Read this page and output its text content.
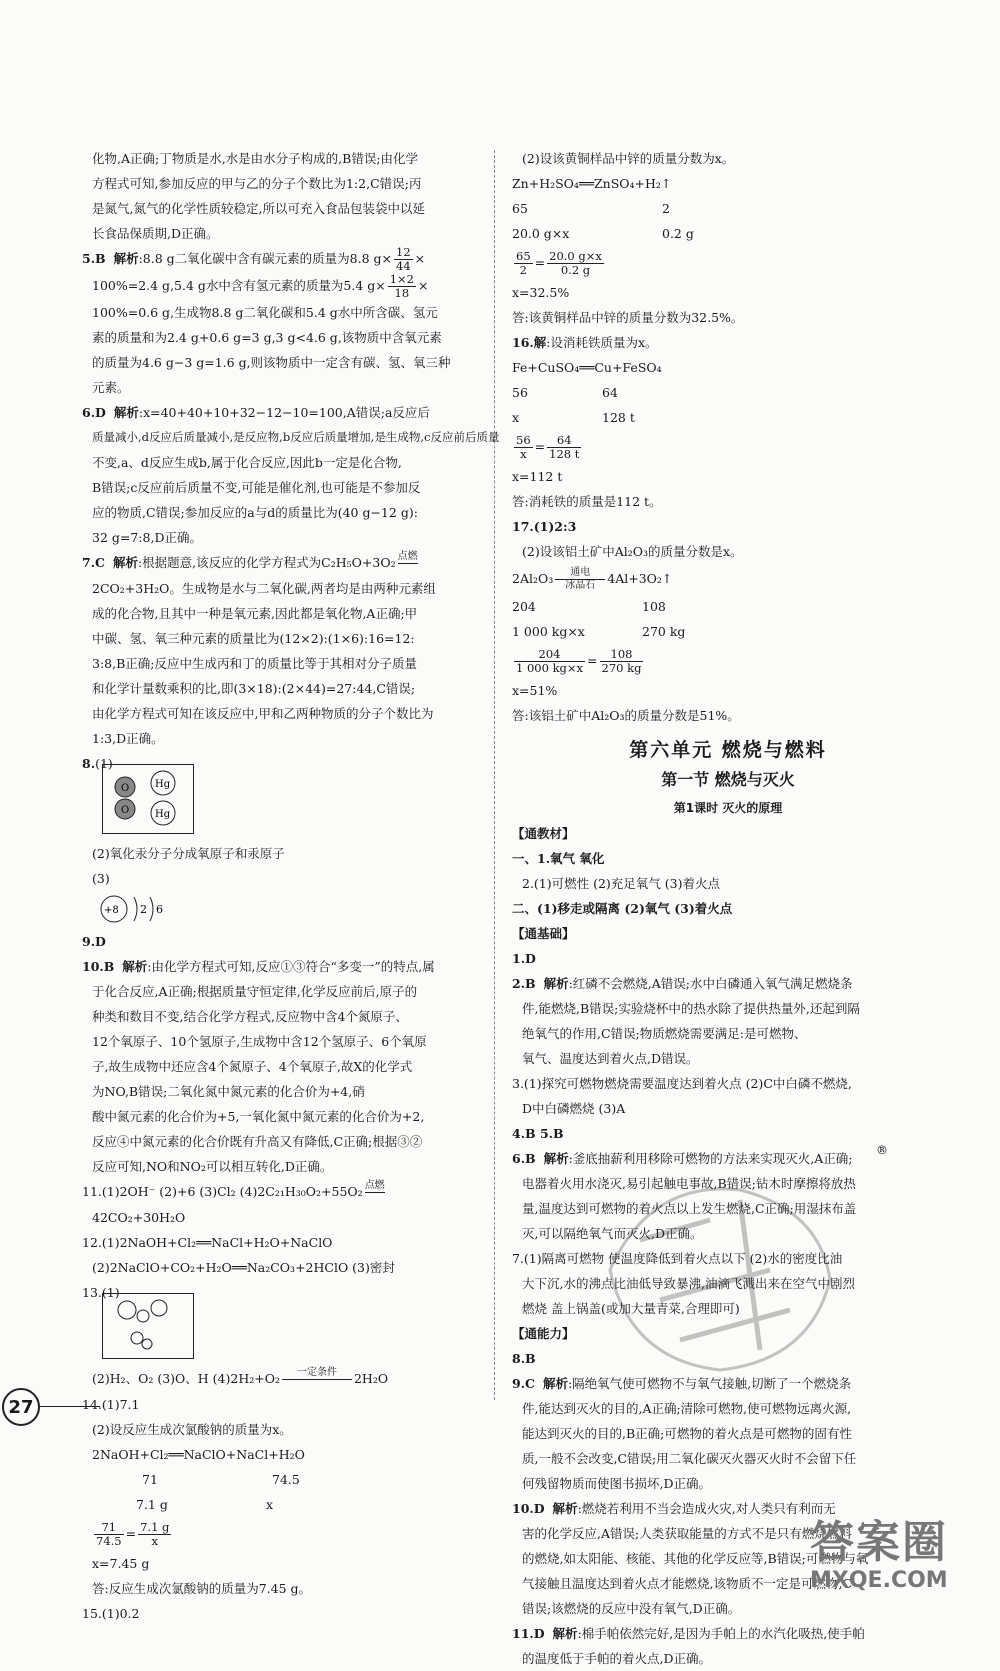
化物,A正确;丁物质是水,水是由水分子构成的,B错误;由化学

方程式可知,参加反应的甲与乙的分子个数比为1:2,C错误;丙

是氮气,氮气的化学性质较稳定,所以可充入食品包装袋中以延

长食品保质期,D正确。

5.B 解析:8.8 g二氧化碳中含有碳元素的质量为8.8 $g\times \frac{12}{44}$ ×

100%=2.4 g,5.4 g水中含有氢元素的质量为5.4 $g\times \frac{1\times 2}{18}$ ×

100%=0.6 g,生成物8.8 g二氧化碳和5.4 g水中所含碳、氢元

素的质量和为2.4 g+0.6 g=3 g,3 g<4.6 g,该物质中含氧元素

的质量为4.6 g−3 g=1.6 g,则该物质中一定含有碳、氢、氧三种

元素。

6.D 解析:x=40+40+10+32−12−10=100,A错误;a反应后

质量减小,d反应后质量减小,是反应物,b反应后质量增加,是生成物,c反应前后质量

不变,a、d反应生成b,属于化合反应,因此b一定是化合物,

B错误;c反应前后质量不变,可能是催化剂,也可能是不参加反

应的物质,C错误;参加反应的a与d的质量比为(40 g−12 g):

32 g=7:8,D正确。

7.C 解析:根据题意,该反应的化学方程式为C₂H₅O+3O₂ 点燃

2CO₂+3H₂O。生成物是水与二氧化碳,两者均是由两种元素组

成的化合物,且其中一种是氧元素,因此都是氧化物,A正确;甲

中碳、氢、氧三种元素的质量比为(12×2):(1×6):16=12:

3:8,B正确;反应中生成丙和丁的质量比等于其相对分子质量

和化学计量数乘积的比,即(3×18):(2×44)=27:44,C错误;

由化学方程式可知在该反应中,甲和乙两种物质的分子个数比为

1:3,D正确。

8.(1)

O
O
Hg
Hg

(2)氧化汞分子分成氧原子和汞原子

(3)

+8 2 6

9.D

10.B 解析:由化学方程式可知,反应①③符合“多变一”的特点,属

于化合反应,A正确;根据质量守恒定律,化学反应前后,原子的

种类和数目不变,结合化学方程式,反应物中含4个氮原子、

12个氧原子、10个氢原子,生成物中含12个氢原子、6个氧原

子,故生成物中还应含4个氮原子、4个氧原子,故X的化学式

为NO,B错误;二氧化氮中氮元素的化合价为+4,硝

酸中氮元素的化合价为+5,一氧化氮中氮元素的化合价为+2,

反应④中氮元素的化合价既有升高又有降低,C正确;根据③②

反应可知,NO和NO₂可以相互转化,D正确。

11.(1)2OH⁻ (2)+6 (3)Cl₂ (4)2C₂₁H₃₀O₂+55O₂ 点燃

42CO₂+30H₂O

12.(1)2NaOH+Cl₂══NaCl+H₂O+NaClO

(2)2NaClO+CO₂+H₂O══Na₂CO₃+2HClO (3)密封

13.(1)

(2)H₂、O₂ (3)O、H (4)2H₂+O₂	一定条件
	2H₂O

14.(1)7.1

(2)设反应生成次氯酸钠的质量为x。

2NaOH+Cl₂══NaClO+NaCl+H₂O

71	74.5
7.1 g	x

$\frac{71}{74.5} = \frac{7.1 g}{x}$

x=7.45 g

答:反应生成次氯酸钠的质量为7.45 g。

15.(1)0.2

(2)设该黄铜样品中锌的质量分数为x。

Zn+H₂SO₄══ZnSO₄+H₂↑

65	2
20.0 g×x	0.2 g

$\frac{65}{2} = \frac{20.0 g\times x}{0.2 g}$

x=32.5%

答:该黄铜样品中锌的质量分数为32.5%。

16.解:设消耗铁质量为x。

Fe+CuSO₄══Cu+FeSO₄

56	64
x	128 t

$\frac{56}{x} = \frac{64}{128 t}$

x=112 t

答:消耗铁的质量是112 t。

17.(1)2:3

(2)设该铝土矿中Al₂O₃的质量分数是x。

2Al₂O₃	通电
冰晶石 4Al+3O₂↑

204	108
1 000 kg×x	270 kg

$\frac{204}{1 000 kg\times x} = \frac{108}{270 kg}$

x=51%

答:该铝土矿中Al₂O₃的质量分数是51%。

第六单元 燃烧与燃料
第一节 燃烧与灭火
第1课时 灭火的原理

【通教材】

一、1.氧气 氧化

2.(1)可燃性 (2)充足氧气 (3)着火点

二、(1)移走或隔离 (2)氧气 (3)着火点

【通基础】

1.D

2.B 解析:红磷不会燃烧,A错误;水中白磷通入氧气满足燃烧条

件,能燃烧,B错误;实验烧杯中的热水除了提供热量外,还起到隔

绝氧气的作用,C错误;物质燃烧需要满足:是可燃物、

氧气、温度达到着火点,D错误。

3.(1)探究可燃物燃烧需要温度达到着火点 (2)C中白磷不燃烧,

D中白磷燃烧 (3)A

4.B 5.B

6.B 解析:釜底抽薪利用移除可燃物的方法来实现灭火,A正确;

电器着火用水浇灭,易引起触电事故,B错误;钻木时摩擦将放热

量,温度达到可燃物的着火点以上发生燃烧,C正确;用湿抹布盖

灭,可以隔绝氧气而灭火,D正确。

7.(1)隔离可燃物 使温度降低到着火点以下 (2)水的密度比油

大下沉,水的沸点比油低导致暴沸,油滴飞溅出来在空气中剧烈

燃烧 盖上锅盖(或加大量青菜,合理即可)

【通能力】

8.B

9.C 解析:隔绝氧气使可燃物不与氧气接触,切断了一个燃烧条

件,能达到灭火的目的,A正确;清除可燃物,使可燃物远离火源,

能达到灭火的目的,B正确;可燃物的着火点是可燃物的固有性

质,一般不会改变,C错误;用二氧化碳灭火器灭火时不会留下任

何残留物质而使图书损坏,D正确。

10.D 解析:燃烧若利用不当会造成火灾,对人类只有利而无

害的化学反应,A错误;人类获取能量的方式不是只有燃烧燃料

的燃烧,如太阳能、核能、其他的化学反应等,B错误;可燃物与氧

气接触且温度达到着火点才能燃烧,该物质不一定是可燃物,C

错误;该燃烧的反应中没有氧气,D正确。

11.D 解析:棉手帕依然完好,是因为手帕上的水汽化吸热,使手帕

的温度低于手帕的着火点,D正确。

®
27
答案圈
MXQE.COM
